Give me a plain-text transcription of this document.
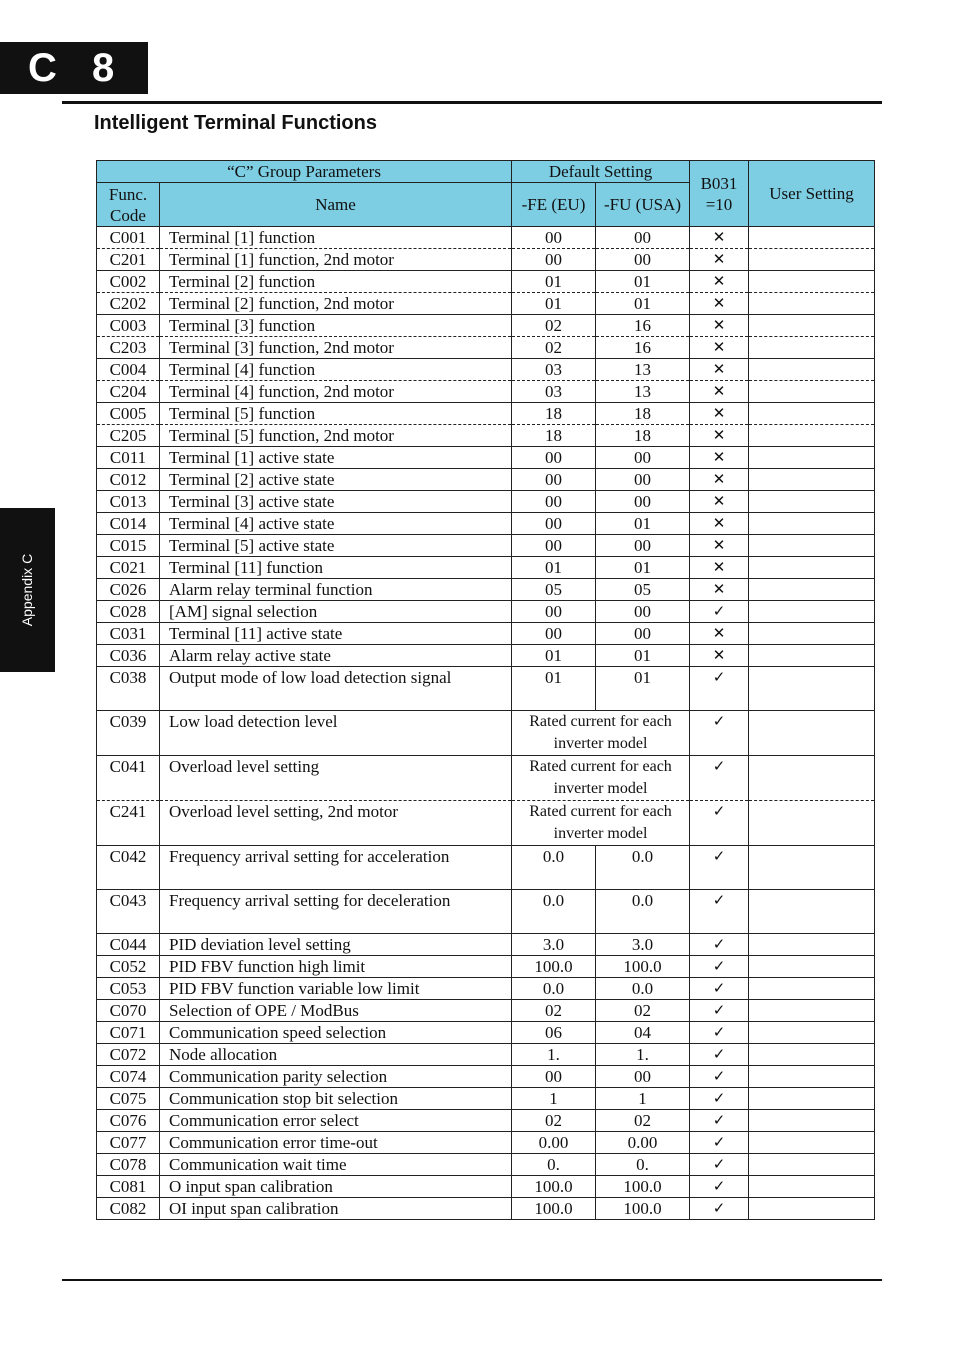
C 8
Intelligent Terminal Functions
Appendix C
“C” Group Parameters		Default Setting		B031 =10	User Setting
Func. Code	Name	-FE (EU)	-FU (USA)		
C001	Terminal [1] function	00	00	✕	
C201	Terminal [1] function, 2nd motor	00	00	✕	
C002	Terminal [2] function	01	01	✕	
C202	Terminal [2] function, 2nd motor	01	01	✕	
C003	Terminal [3] function	02	16	✕	
C203	Terminal [3] function, 2nd motor	02	16	✕	
C004	Terminal [4] function	03	13	✕	
C204	Terminal [4] function, 2nd motor	03	13	✕	
C005	Terminal [5] function	18	18	✕	
C205	Terminal [5] function, 2nd motor	18	18	✕	
C011	Terminal [1] active state	00	00	✕	
C012	Terminal [2] active state	00	00	✕	
C013	Terminal [3] active state	00	00	✕	
C014	Terminal [4] active state	00	01	✕	
C015	Terminal [5] active state	00	00	✕	
C021	Terminal [11] function	01	01	✕	
C026	Alarm relay terminal function	05	05	✕	
C028	[AM] signal selection	00	00	✓	
C031	Terminal [11] active state	00	00	✕	
C036	Alarm relay active state	01	01	✕	
C038	Output mode of low load detection signal	01	01	✓	
C039	Low load detection level	Rated current for each inverter model		✓	
C041	Overload level setting	Rated current for each inverter model		✓	
C241	Overload level setting, 2nd motor	Rated current for each inverter model		✓	
C042	Frequency arrival setting for acceleration	0.0	0.0	✓	
C043	Frequency arrival setting for deceleration	0.0	0.0	✓	
C044	PID deviation level setting	3.0	3.0	✓	
C052	PID FBV function high limit	100.0	100.0	✓	
C053	PID FBV function variable low limit	0.0	0.0	✓	
C070	Selection of OPE / ModBus	02	02	✓	
C071	Communication speed selection	06	04	✓	
C072	Node allocation	1.	1.	✓	
C074	Communication parity selection	00	00	✓	
C075	Communication stop bit selection	1	1	✓	
C076	Communication error select	02	02	✓	
C077	Communication error time-out	0.00	0.00	✓	
C078	Communication wait time	0.	0.	✓	
C081	O input span calibration	100.0	100.0	✓	
C082	OI input span calibration	100.0	100.0	✓	
